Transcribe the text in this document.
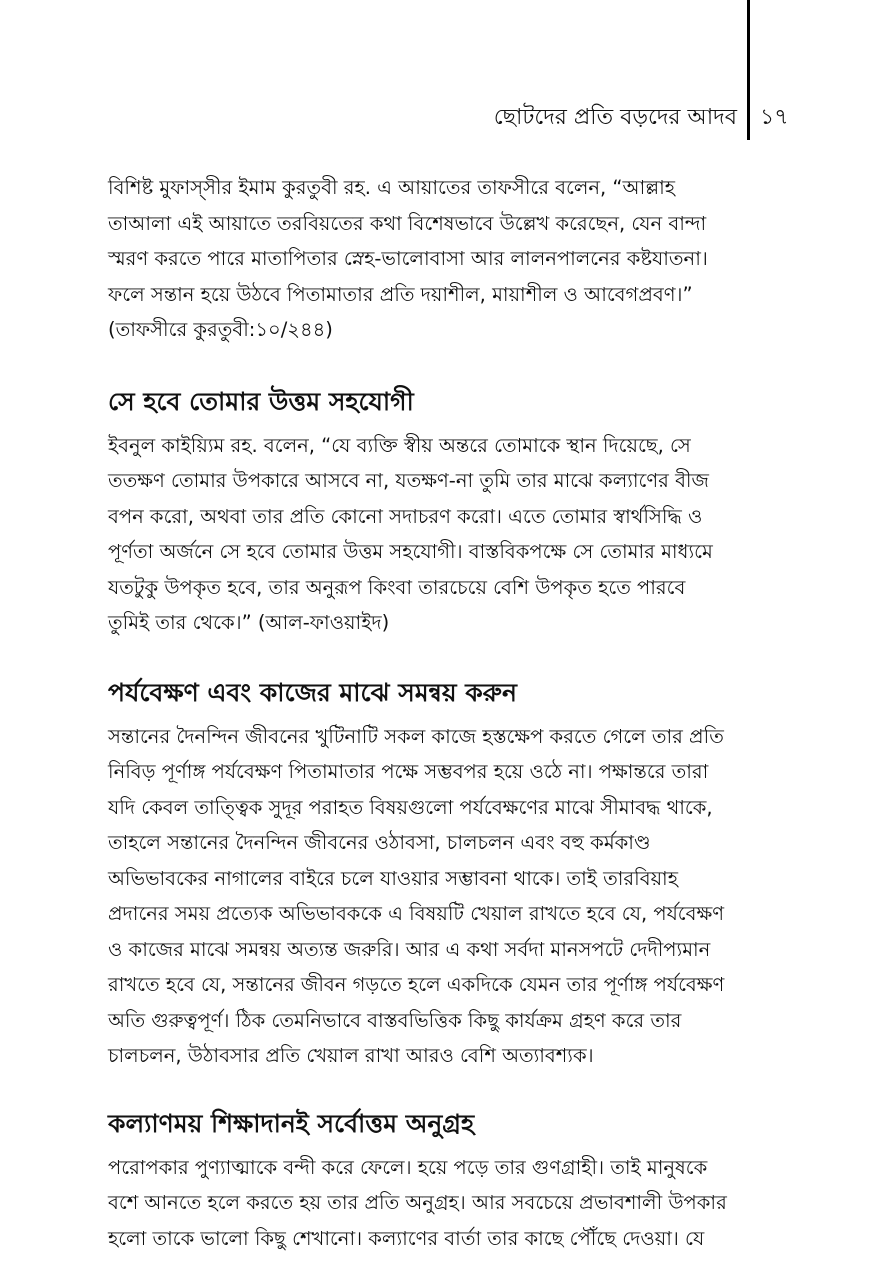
ছোটদের প্রতি বড়দের আদব ১৭

বিশিষ্ট মুফাস্‌সীর ইমাম কুরতুবী রহ. এ আয়াতের তাফসীরে বলেন, “আল্লাহ
তাআলা এই আয়াতে তরবিয়তের কথা বিশেষভাবে উল্লেখ করেছেন, যেন বান্দা
স্মরণ করতে পারে মাতাপিতার স্নেহ-ভালোবাসা আর লালনপালনের কষ্টযাতনা।
ফলে সন্তান হয়ে উঠবে পিতামাতার প্রতি দয়াশীল, মায়াশীল ও আবেগপ্রবণ।”
(তাফসীরে কুরতুবী:১০/২৪৪)

সে হবে তোমার উত্তম সহযোগী

ইবনুল কাইয়্যিম রহ. বলেন, “যে ব্যক্তি স্বীয় অন্তরে তোমাকে স্থান দিয়েছে, সে
ততক্ষণ তোমার উপকারে আসবে না, যতক্ষণ-না তুমি তার মাঝে কল্যাণের বীজ
বপন করো, অথবা তার প্রতি কোনো সদাচরণ করো। এতে তোমার স্বার্থসিদ্ধি ও
পূর্ণতা অর্জনে সে হবে তোমার উত্তম সহযোগী। বাস্তবিকপক্ষে সে তোমার মাধ্যমে
যতটুকু উপকৃত হবে, তার অনুরূপ কিংবা তারচেয়ে বেশি উপকৃত হতে পারবে
তুমিই তার থেকে।” (আল-ফাওয়াইদ)

পর্যবেক্ষণ এবং কাজের মাঝে সমন্বয় করুন

সন্তানের দৈনন্দিন জীবনের খুটিনাটি সকল কাজে হস্তক্ষেপ করতে গেলে তার প্রতি
নিবিড় পূর্ণাঙ্গ পর্যবেক্ষণ পিতামাতার পক্ষে সম্ভবপর হয়ে ওঠে না। পক্ষান্তরে তারা
যদি কেবল তাত্ত্বিক সুদূর পরাহত বিষয়গুলো পর্যবেক্ষণের মাঝে সীমাবদ্ধ থাকে,
তাহলে সন্তানের দৈনন্দিন জীবনের ওঠাবসা, চালচলন এবং বহু কর্মকাণ্ড
অভিভাবকের নাগালের বাইরে চলে যাওয়ার সম্ভাবনা থাকে। তাই তারবিয়াহ
প্রদানের সময় প্রত্যেক অভিভাবককে এ বিষয়টি খেয়াল রাখতে হবে যে, পর্যবেক্ষণ
ও কাজের মাঝে সমন্বয় অত্যন্ত জরুরি। আর এ কথা সর্বদা মানসপটে দেদীপ্যমান
রাখতে হবে যে, সন্তানের জীবন গড়তে হলে একদিকে যেমন তার পূর্ণাঙ্গ পর্যবেক্ষণ
অতি গুরুত্বপূর্ণ। ঠিক তেমনিভাবে বাস্তবভিত্তিক কিছু কার্যক্রম গ্রহণ করে তার
চালচলন, উঠাবসার প্রতি খেয়াল রাখা আরও বেশি অত্যাবশ্যক।

কল্যাণময় শিক্ষাদানই সর্বোত্তম অনুগ্রহ

পরোপকার পুণ্যাত্মাকে বন্দী করে ফেলে। হয়ে পড়ে তার গুণগ্রাহী। তাই মানুষকে
বশে আনতে হলে করতে হয় তার প্রতি অনুগ্রহ। আর সবচেয়ে প্রভাবশালী উপকার
হলো তাকে ভালো কিছু শেখানো। কল্যাণের বার্তা তার কাছে পৌঁছে দেওয়া। যে
